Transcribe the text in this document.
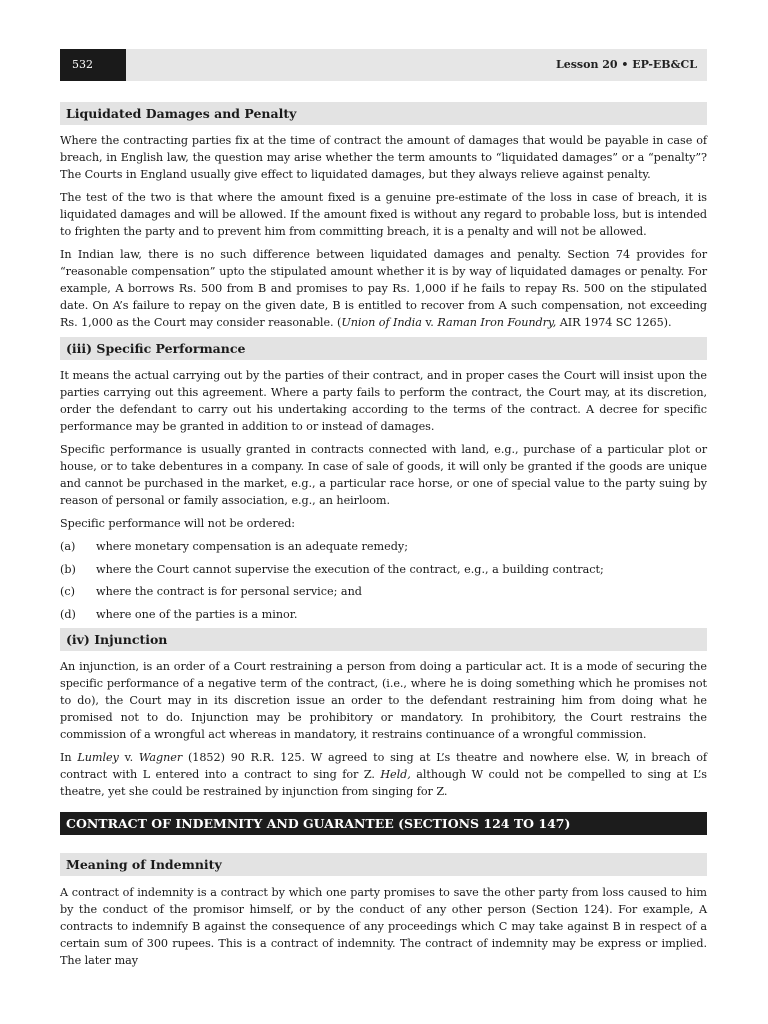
532	Lesson 20 • EP-EB&CL
Liquidated Damages and Penalty

Where the contracting parties fix at the time of contract the amount of damages that would be payable in case of breach, in English law, the question may arise whether the term amounts to “liquidated damages” or a “penalty”? The Courts in England usually give effect to liquidated damages, but they always relieve against penalty.

The test of the two is that where the amount fixed is a genuine pre-estimate of the loss in case of breach, it is liquidated damages and will be allowed. If the amount fixed is without any regard to probable loss, but is intended to frighten the party and to prevent him from committing breach, it is a penalty and will not be allowed.

In Indian law, there is no such difference between liquidated damages and penalty. Section 74 provides for “reasonable compensation” upto the stipulated amount whether it is by way of liquidated damages or penalty. For example, A borrows Rs. 500 from B and promises to pay Rs. 1,000 if he fails to repay Rs. 500 on the stipulated date. On A’s failure to repay on the given date, B is entitled to recover from A such compensation, not exceeding Rs. 1,000 as the Court may consider reasonable. (Union of India v. Raman Iron Foundry, AIR 1974 SC 1265).

(iii) Specific Performance

It means the actual carrying out by the parties of their contract, and in proper cases the Court will insist upon the parties carrying out this agreement. Where a party fails to perform the contract, the Court may, at its discretion, order the defendant to carry out his undertaking according to the terms of the contract. A decree for specific performance may be granted in addition to or instead of damages.

Specific performance is usually granted in contracts connected with land, e.g., purchase of a particular plot or house, or to take debentures in a company. In case of sale of goods, it will only be granted if the goods are unique and cannot be purchased in the market, e.g., a particular race horse, or one of special value to the party suing by reason of personal or family association, e.g., an heirloom.

Specific performance will not be ordered:

(a)	where monetary compensation is an adequate remedy;
(b)	where the Court cannot supervise the execution of the contract, e.g., a building contract;
(c)	where the contract is for personal service; and
(d)	where one of the parties is a minor.
(iv) Injunction

An injunction, is an order of a Court restraining a person from doing a particular act. It is a mode of securing the specific performance of a negative term of the contract, (i.e., where he is doing something which he promises not to do), the Court may in its discretion issue an order to the defendant restraining him from doing what he promised not to do. Injunction may be prohibitory or mandatory. In prohibitory, the Court restrains the commission of a wrongful act whereas in mandatory, it restrains continuance of a wrongful commission.

In Lumley v. Wagner (1852) 90 R.R. 125. W agreed to sing at L’s theatre and nowhere else. W, in breach of contract with L entered into a contract to sing for Z. Held, although W could not be compelled to sing at L’s theatre, yet she could be restrained by injunction from singing for Z.

CONTRACT OF INDEMNITY AND GUARANTEE (SECTIONS 124 TO 147)
Meaning of Indemnity

A contract of indemnity is a contract by which one party promises to save the other party from loss caused to him by the conduct of the promisor himself, or by the conduct of any other person (Section 124). For example, A contracts to indemnify B against the consequence of any proceedings which C may take against B in respect of a certain sum of 300 rupees. This is a contract of indemnity. The contract of indemnity may be express or implied. The later may
